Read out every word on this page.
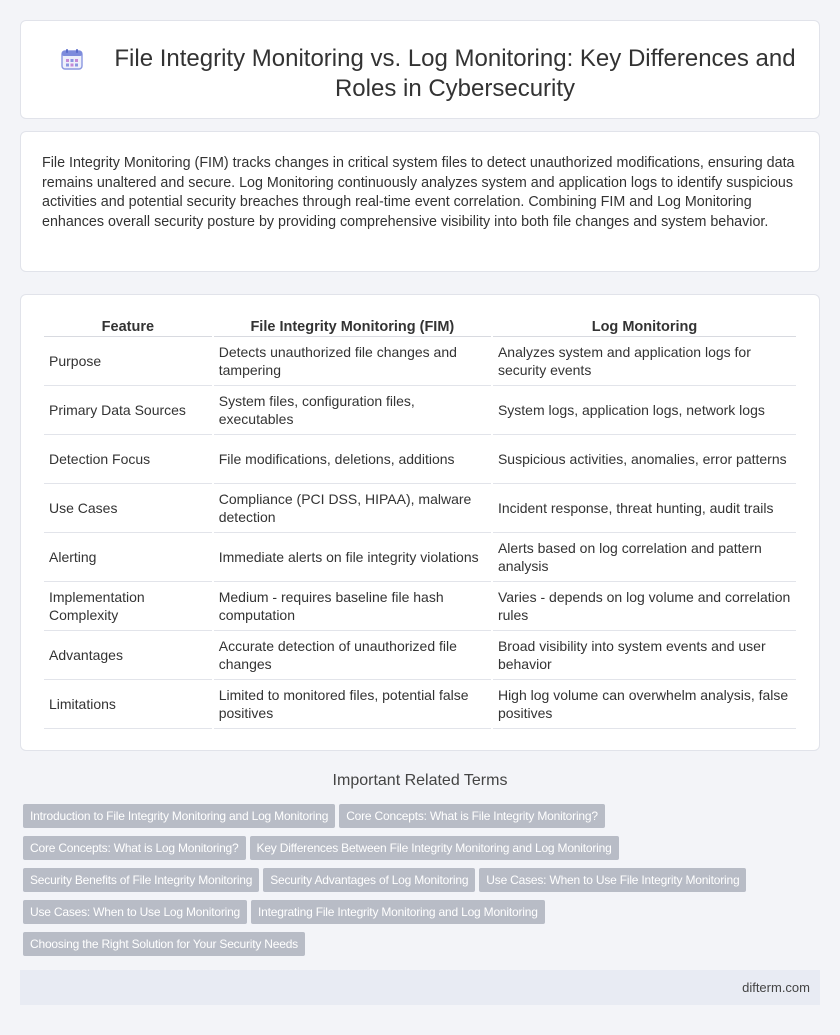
File Integrity Monitoring vs. Log Monitoring: Key Differences and Roles in Cybersecurity

File Integrity Monitoring (FIM) tracks changes in critical system files to detect unauthorized modifications, ensuring data remains unaltered and secure. Log Monitoring continuously analyzes system and application logs to identify suspicious activities and potential security breaches through real-time event correlation. Combining FIM and Log Monitoring enhances overall security posture by providing comprehensive visibility into both file changes and system behavior.

Feature	File Integrity Monitoring (FIM)	Log Monitoring
Purpose	Detects unauthorized file changes and tampering	Analyzes system and application logs for security events
Primary Data Sources	System files, configuration files, executables	System logs, application logs, network logs
Detection Focus	File modifications, deletions, additions	Suspicious activities, anomalies, error patterns
Use Cases	Compliance (PCI DSS, HIPAA), malware detection	Incident response, threat hunting, audit trails
Alerting	Immediate alerts on file integrity violations	Alerts based on log correlation and pattern analysis
Implementation Complexity	Medium - requires baseline file hash computation	Varies - depends on log volume and correlation rules
Advantages	Accurate detection of unauthorized file changes	Broad visibility into system events and user behavior
Limitations	Limited to monitored files, potential false positives	High log volume can overwhelm analysis, false positives
Important Related Terms
Introduction to File Integrity Monitoring and Log Monitoring Core Concepts: What is File Integrity Monitoring?
Core Concepts: What is Log Monitoring? Key Differences Between File Integrity Monitoring and Log Monitoring
Security Benefits of File Integrity Monitoring Security Advantages of Log Monitoring Use Cases: When to Use File Integrity Monitoring
Use Cases: When to Use Log Monitoring Integrating File Integrity Monitoring and Log Monitoring
Choosing the Right Solution for Your Security Needs
difterm.com
